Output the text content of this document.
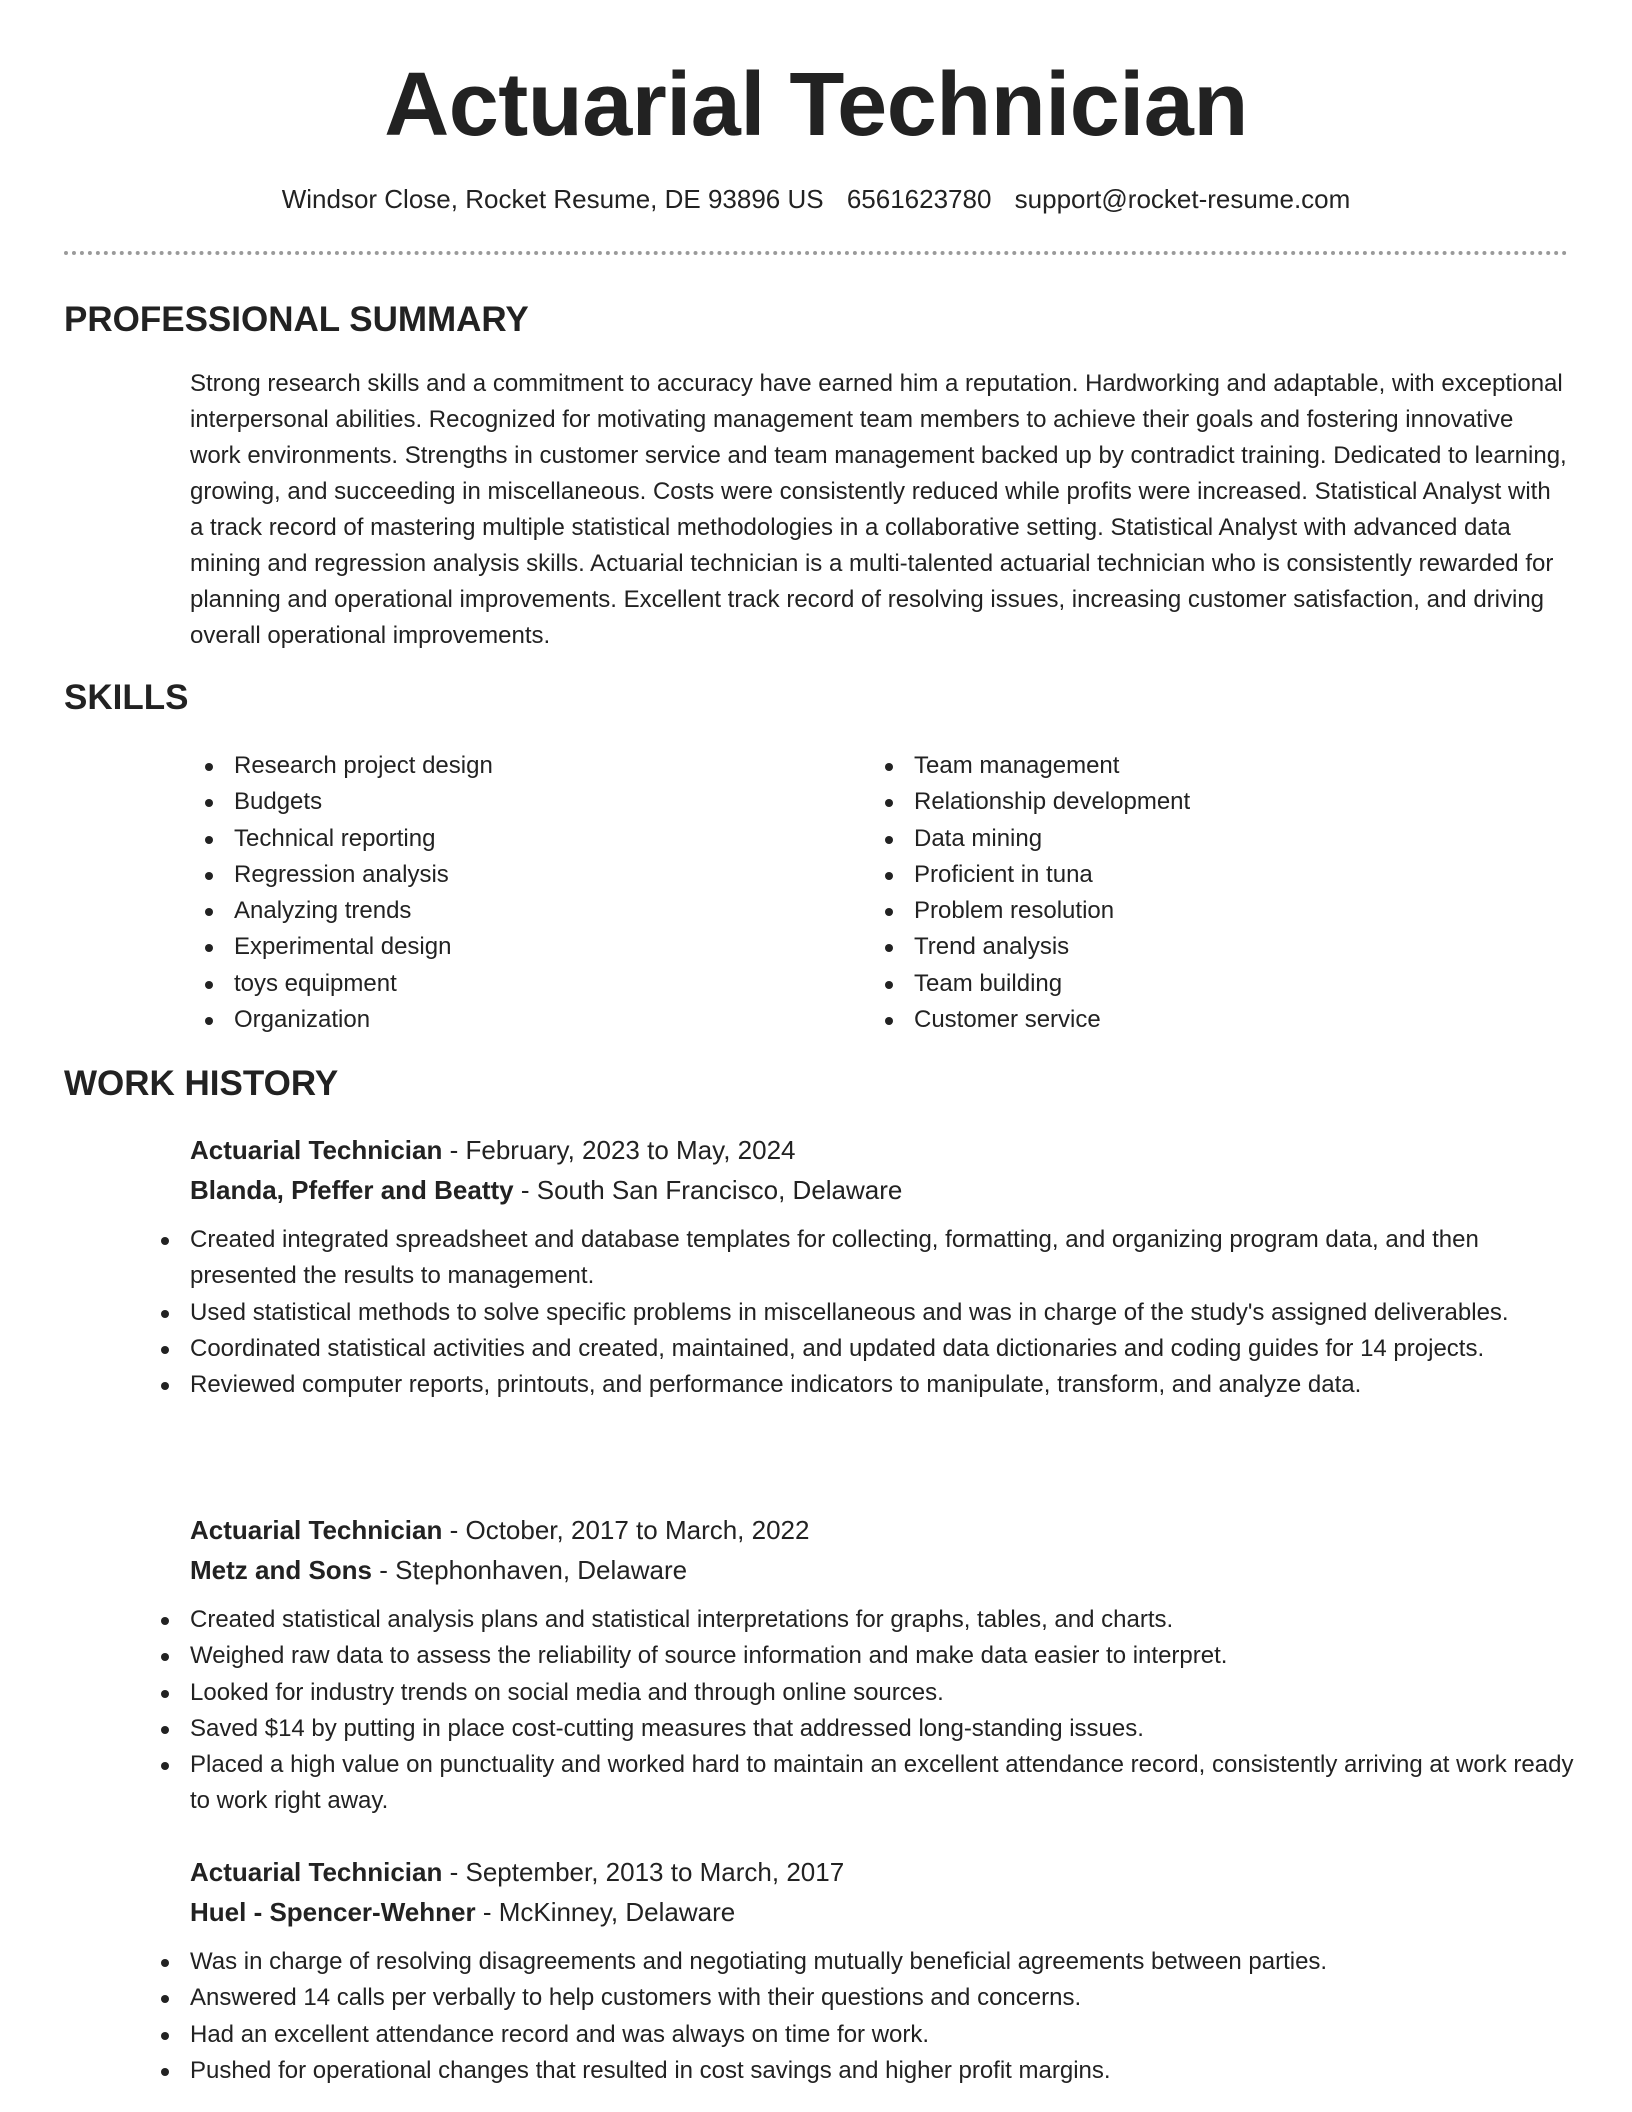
Actuarial Technician
Windsor Close, Rocket Resume, DE 93896 US 6561623780 support@rocket-resume.com
PROFESSIONAL SUMMARY

Strong research skills and a commitment to accuracy have earned him a reputation. Hardworking and adaptable, with exceptional interpersonal abilities. Recognized for motivating management team members to achieve their goals and fostering innovative work environments. Strengths in customer service and team management backed up by contradict training. Dedicated to learning, growing, and succeeding in miscellaneous. Costs were consistently reduced while profits were increased. Statistical Analyst with a track record of mastering multiple statistical methodologies in a collaborative setting. Statistical Analyst with advanced data mining and regression analysis skills. Actuarial technician is a multi-talented actuarial technician who is consistently rewarded for planning and operational improvements. Excellent track record of resolving issues, increasing customer satisfaction, and driving overall operational improvements.

SKILLS
Research project design
Budgets
Technical reporting
Regression analysis
Analyzing trends
Experimental design
toys equipment
Organization
Team management
Relationship development
Data mining
Proficient in tuna
Problem resolution
Trend analysis
Team building
Customer service
WORK HISTORY
Actuarial Technician - February, 2023 to May, 2024
Blanda, Pfeffer and Beatty - South San Francisco, Delaware
Created integrated spreadsheet and database templates for collecting, formatting, and organizing program data, and then presented the results to management.
Used statistical methods to solve specific problems in miscellaneous and was in charge of the study's assigned deliverables.
Coordinated statistical activities and created, maintained, and updated data dictionaries and coding guides for 14 projects.
Reviewed computer reports, printouts, and performance indicators to manipulate, transform, and analyze data.
Actuarial Technician - October, 2017 to March, 2022
Metz and Sons - Stephonhaven, Delaware
Created statistical analysis plans and statistical interpretations for graphs, tables, and charts.
Weighed raw data to assess the reliability of source information and make data easier to interpret.
Looked for industry trends on social media and through online sources.
Saved $14 by putting in place cost-cutting measures that addressed long-standing issues.
Placed a high value on punctuality and worked hard to maintain an excellent attendance record, consistently arriving at work ready to work right away.
Actuarial Technician - September, 2013 to March, 2017
Huel - Spencer-Wehner - McKinney, Delaware
Was in charge of resolving disagreements and negotiating mutually beneficial agreements between parties.
Answered 14 calls per verbally to help customers with their questions and concerns.
Had an excellent attendance record and was always on time for work.
Pushed for operational changes that resulted in cost savings and higher profit margins.
